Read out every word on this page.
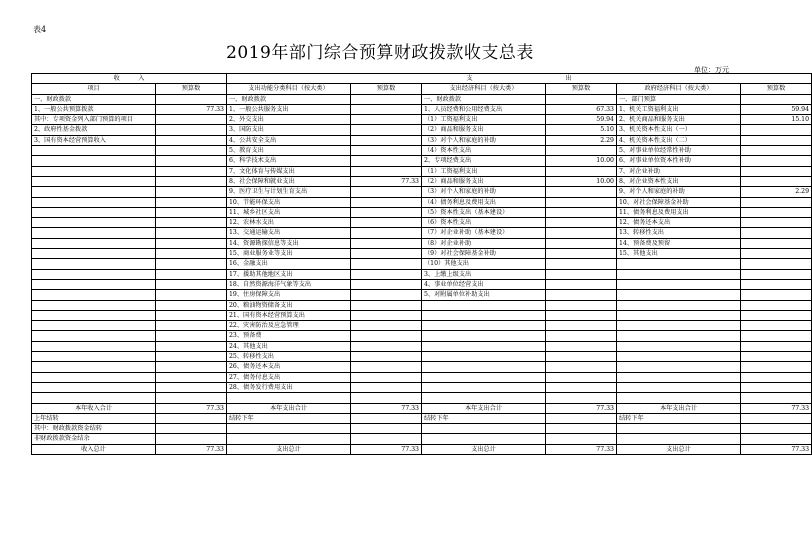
表4
2019年部门综合预算财政拨款收支总表
单位：万元
收　　　入		支　　　　　　　　　　　　　　　出					
项目	预算数	支出功能分类科目（按大类）	预算数	支出经济科目（按大类）	预算数	政府经济科目（按大类）	预算数
一、财政拨款		一、财政拨款		一、财政拨款		一、部门预算	
1、一般公共预算拨款	77.33	1、一般公共服务支出		1、人员经费和公用经费支出	67.33	1、机关工资福利支出	59.94
其中：专项资金列入部门预算的项目		2、外交支出		（1）工资福利支出	59.94	2、机关商品和服务支出	15.10
2、政府性基金拨款		3、国防支出		（2）商品和服务支出	5.10	3、机关资本性支出（一）	
3、国有资本经营预算收入		4、公共安全支出		（3）对个人和家庭的补助	2.29	4、机关资本性支出（二）	
		5、教育支出		（4）资本性支出		5、对事业单位经常性补助	
		6、科学技术支出		2、专项经费支出	10.00	6、对事业单位资本性补助	
		7、文化体育与传媒支出		（1）工资福利支出		7、对企业补助	
		8、社会保障和就业支出	77.33	（2）商品和服务支出	10.00	8、对企业资本性支出	
		9、医疗卫生与计划生育支出		（3）对个人和家庭的补助		9、对个人和家庭的补助	2.29
		10、节能环保支出		（4）债务利息及费用支出		10、对社会保障基金补助	
		11、城乡社区支出		（5）资本性支出（基本建设）		11、债务利息及费用支出	
		12、农林水支出		（6）资本性支出		12、债务还本支出	
		13、交通运输支出		（7）对企业补助（基本建设）		13、转移性支出	
		14、资源勘探信息等支出		（8）对企业补助		14、预备费及预留	
		15、商业服务业等支出		（9）对社会保障基金补助		15、其他支出	
		16、金融支出		（10）其他支出			
		17、援助其他地区支出		3、上缴上级支出			
		18、自然资源海洋气象等支出		4、事业单位经营支出			
		19、住房保障支出		5、对附属单位补助支出			
		20、粮油物资储备支出					
		21、国有资本经营预算支出					
		22、灾害防治及应急管理					
		23、预备费					
		24、其他支出					
		25、转移性支出					
		26、债务还本支出					
		27、债务付息支出					
		28、债务发行费用支出					

本年收入合计	77.33	本年支出合计	77.33	本年支出合计	77.33	本年支出合计	77.33
上年结转		结转下年		结转下年		结转下年	
其中：财政拨款资金结转							
非财政拨款资金结余							
收入总计	77.33	支出总计	77.33	支出总计	77.33	支出总计	77.33
